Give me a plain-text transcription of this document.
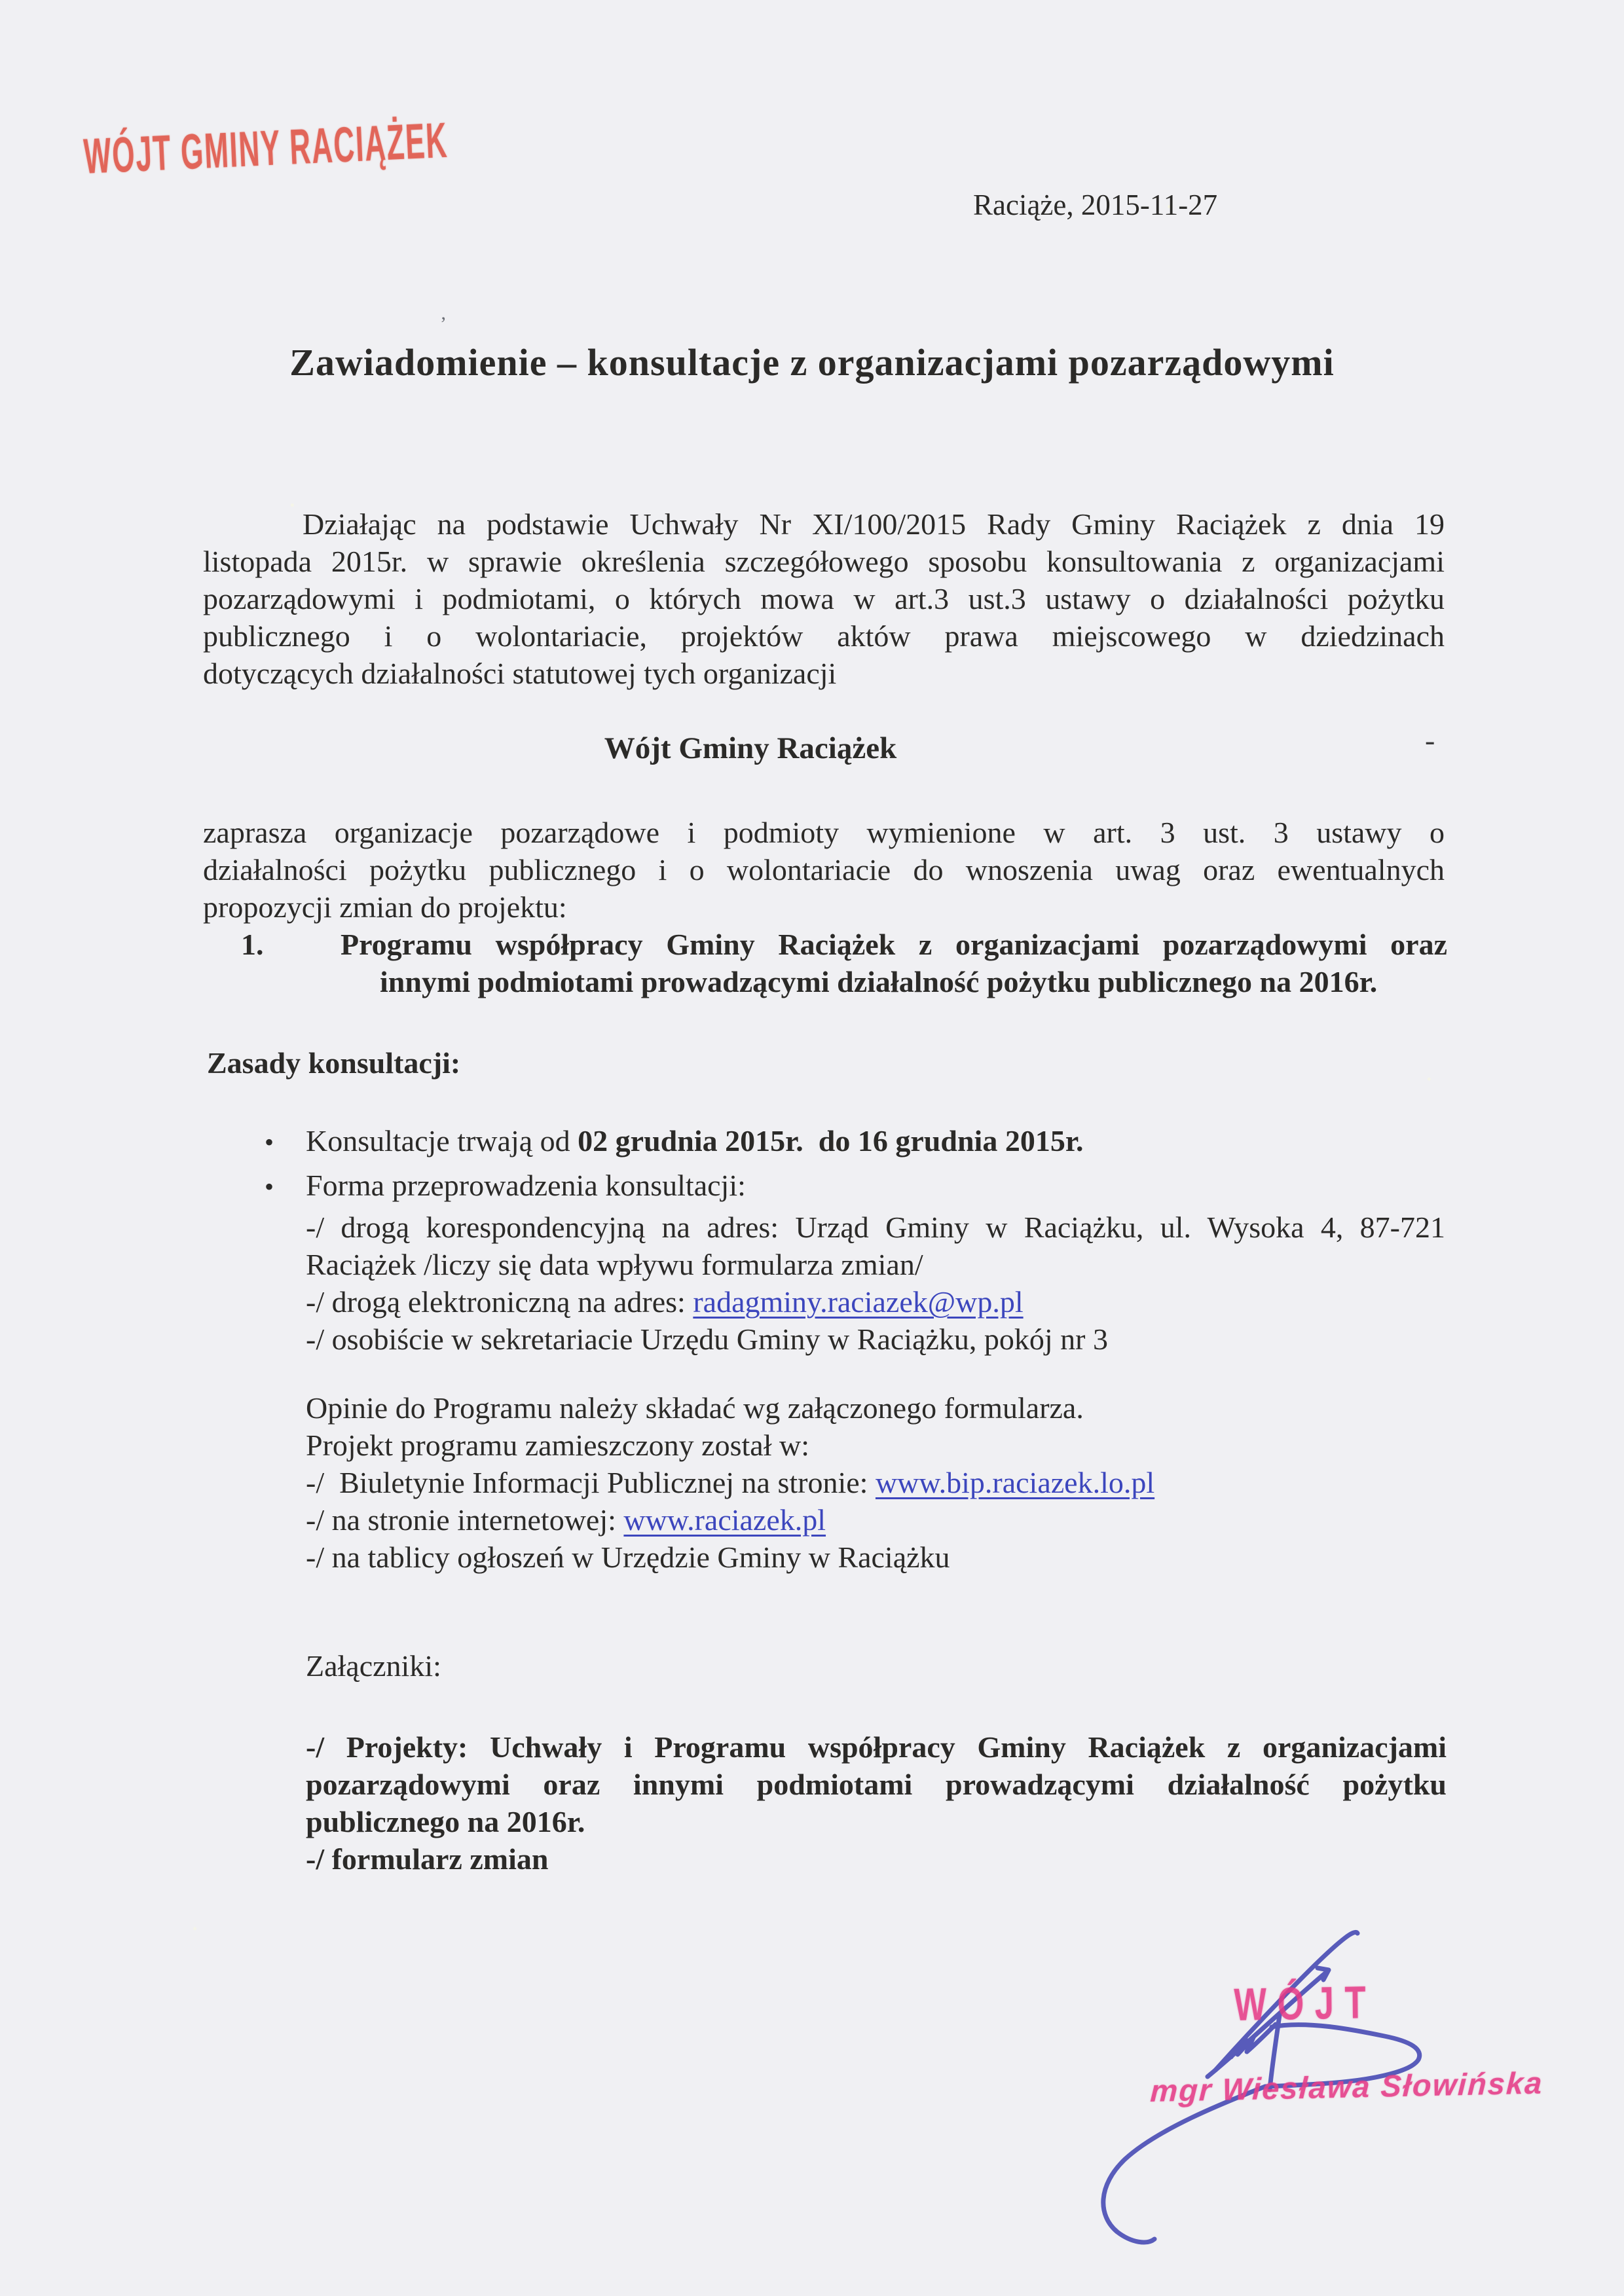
WÓJT GMINY RACIĄŻEK
Raciąże, 2015-11-27
’
Zawiadomienie – konsultacje z organizacjami pozarządowymi
Działając na podstawie Uchwały Nr XI/100/2015 Rady Gminy Raciążek z dnia 19
listopada 2015r. w sprawie określenia szczegółowego sposobu konsultowania z organizacjami
pozarządowymi i podmiotami, o których mowa w art.3 ust.3 ustawy o działalności pożytku
publicznego i o wolontariacie, projektów aktów prawa miejscowego w dziedzinach
dotyczących działalności statutowej tych organizacji
Wójt Gminy Raciążek	-
zaprasza organizacje pozarządowe i podmioty wymienione w art. 3 ust. 3 ustawy o
działalności pożytku publicznego i o wolontariacie do wnoszenia uwag oraz ewentualnych
propozycji zmian do projektu:
1.	Programu współpracy Gminy Raciążek z organizacjami pozarządowymi oraz
innymi podmiotami prowadzącymi działalność pożytku publicznego na 2016r.
Zasady konsultacji:
• Konsultacje trwają od 02 grudnia 2015r.  do 16 grudnia 2015r.
• Forma przeprowadzenia konsultacji:
-/ drogą korespondencyjną na adres: Urząd Gminy w Raciążku, ul. Wysoka 4, 87-721
Raciążek /liczy się data wpływu formularza zmian/
-/ drogą elektroniczną na adres: radagminy.raciazek@wp.pl
-/ osobiście w sekretariacie Urzędu Gminy w Raciążku, pokój nr 3
Opinie do Programu należy składać wg załączonego formularza.
Projekt programu zamieszczony został w:
-/  Biuletynie Informacji Publicznej na stronie: www.bip.raciazek.lo.pl
-/ na stronie internetowej: www.raciazek.pl
-/ na tablicy ogłoszeń w Urzędzie Gminy w Raciążku
Załączniki:
-/ Projekty: Uchwały i Programu współpracy Gminy Raciążek z organizacjami
pozarządowymi oraz innymi podmiotami prowadzącymi działalność pożytku
publicznego na 2016r.
-/ formularz zmian
WÓJT
mgr Wiesława Słowińska
